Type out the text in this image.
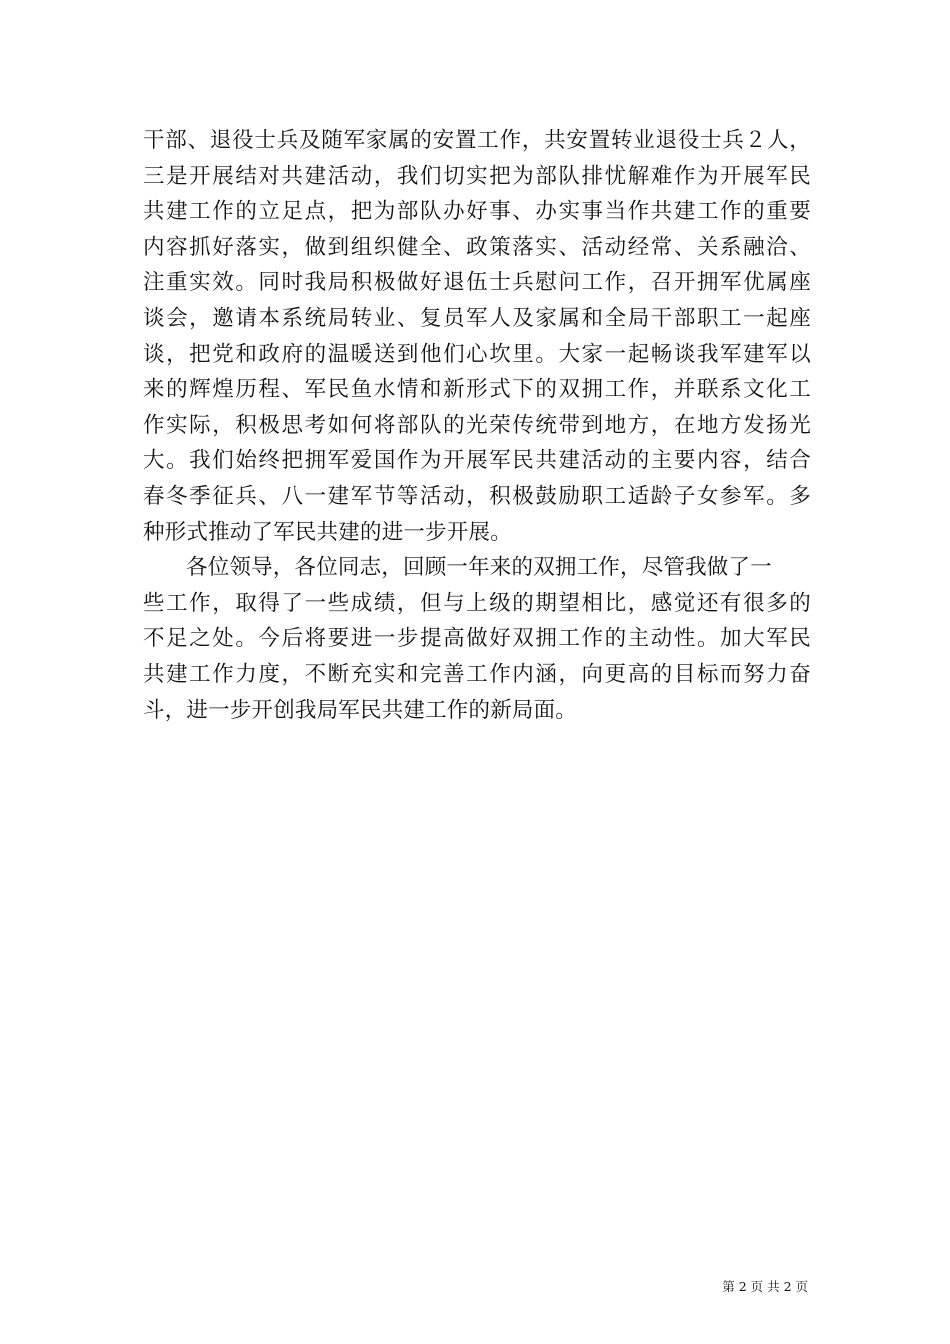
干部、退役士兵及随军家属的安置工作，共安置转业退役士兵２人，
三是开展结对共建活动，我们切实把为部队排忧解难作为开展军民
共建工作的立足点，把为部队办好事、办实事当作共建工作的重要
内容抓好落实，做到组织健全、政策落实、活动经常、关系融洽、
注重实效。同时我局积极做好退伍士兵慰问工作，召开拥军优属座
谈会，邀请本系统局转业、复员军人及家属和全局干部职工一起座
谈，把党和政府的温暖送到他们心坎里。大家一起畅谈我军建军以
来的辉煌历程、军民鱼水情和新形式下的双拥工作，并联系文化工
作实际，积极思考如何将部队的光荣传统带到地方，在地方发扬光
大。我们始终把拥军爱国作为开展军民共建活动的主要内容，结合
春冬季征兵、八一建军节等活动，积极鼓励职工适龄子女参军。多
种形式推动了军民共建的进一步开展。
各位领导，各位同志，回顾一年来的双拥工作，尽管我做了一
些工作，取得了一些成绩，但与上级的期望相比，感觉还有很多的
不足之处。今后将要进一步提高做好双拥工作的主动性。加大军民
共建工作力度，不断充实和完善工作内涵，向更高的目标而努力奋
斗，进一步开创我局军民共建工作的新局面。
第 2 页 共 2 页
